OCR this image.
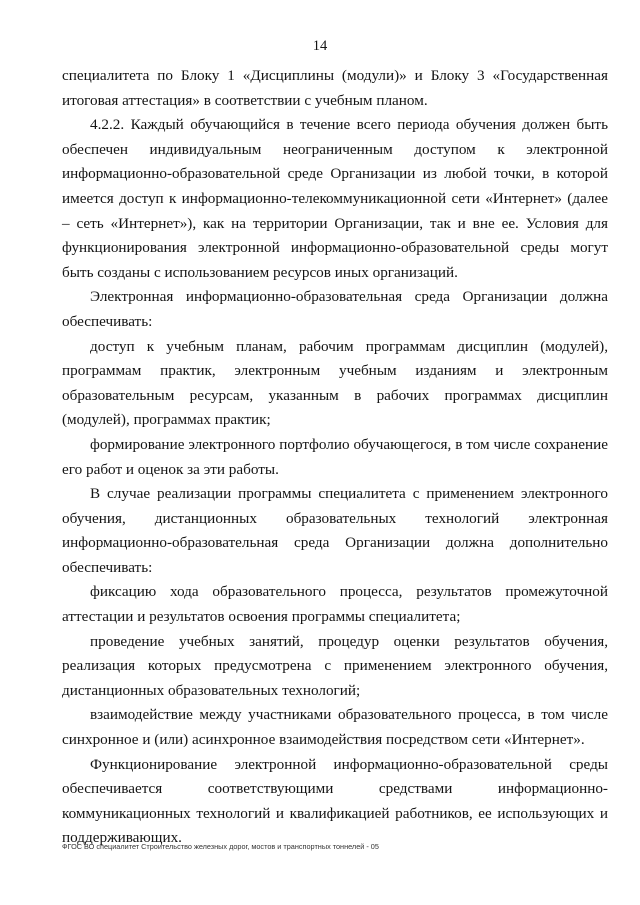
14

специалитета по Блоку 1 «Дисциплины (модули)» и Блоку 3 «Государственная итоговая аттестация» в соответствии с учебным планом.

4.2.2. Каждый обучающийся в течение всего периода обучения должен быть обеспечен индивидуальным неограниченным доступом к электронной информационно-образовательной среде Организации из любой точки, в которой имеется доступ к информационно-телекоммуникационной сети «Интернет» (далее – сеть «Интернет»), как на территории Организации, так и вне ее. Условия для функционирования электронной информационно-образовательной среды могут быть созданы с использованием ресурсов иных организаций.

Электронная информационно-образовательная среда Организации должна обеспечивать:

доступ к учебным планам, рабочим программам дисциплин (модулей), программам практик, электронным учебным изданиям и электронным образовательным ресурсам, указанным в рабочих программах дисциплин (модулей), программах практик;

формирование электронного портфолио обучающегося, в том числе сохранение его работ и оценок за эти работы.

В случае реализации программы специалитета с применением электронного обучения, дистанционных образовательных технологий электронная информационно-образовательная среда Организации должна дополнительно обеспечивать:

фиксацию хода образовательного процесса, результатов промежуточной аттестации и результатов освоения программы специалитета;

проведение учебных занятий, процедур оценки результатов обучения, реализация которых предусмотрена с применением электронного обучения, дистанционных образовательных технологий;

взаимодействие между участниками образовательного процесса, в том числе синхронное и (или) асинхронное взаимодействия посредством сети «Интернет».

Функционирование электронной информационно-образовательной среды обеспечивается соответствующими средствами информационно-коммуникационных технологий и квалификацией работников, ее использующих и поддерживающих.

ФГОС ВО специалитет Строительство железных дорог, мостов и транспортных тоннелей - 05
